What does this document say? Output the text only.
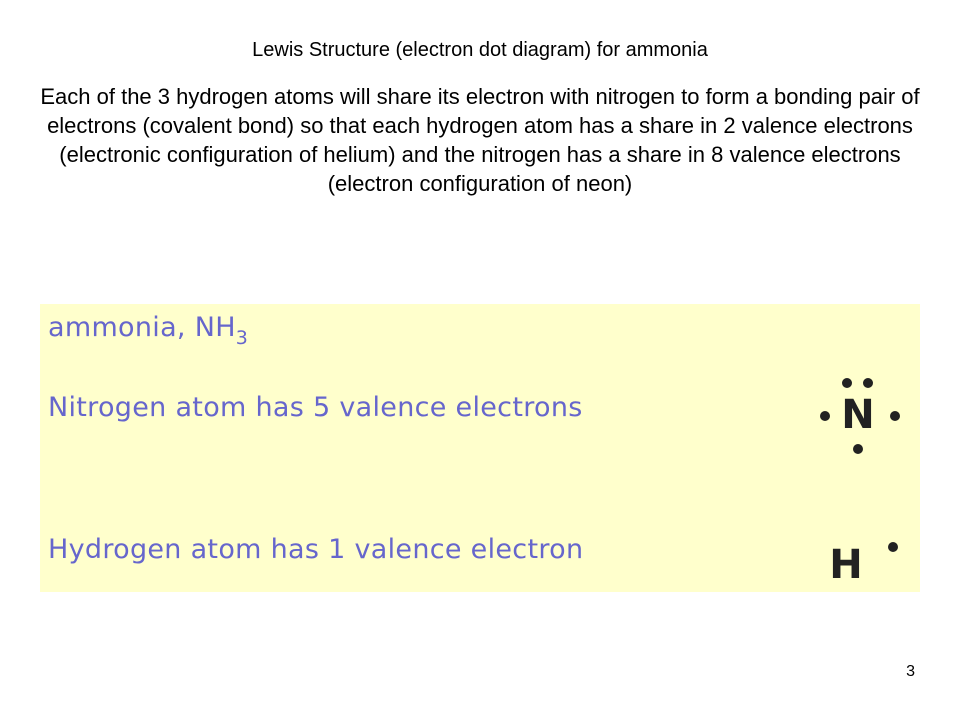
Lewis Structure (electron dot diagram) for ammonia
Each of the 3 hydrogen atoms will share its electron with nitrogen to form a bonding pair of electrons (covalent bond) so that each hydrogen atom has a share in 2 valence electrons (electronic configuration of helium) and the nitrogen has a share in 8 valence electrons (electron configuration of neon)
ammonia, $NH_3$
Nitrogen atom has 5 valence electrons
Hydrogen atom has 1 valence electron
N
H
3
